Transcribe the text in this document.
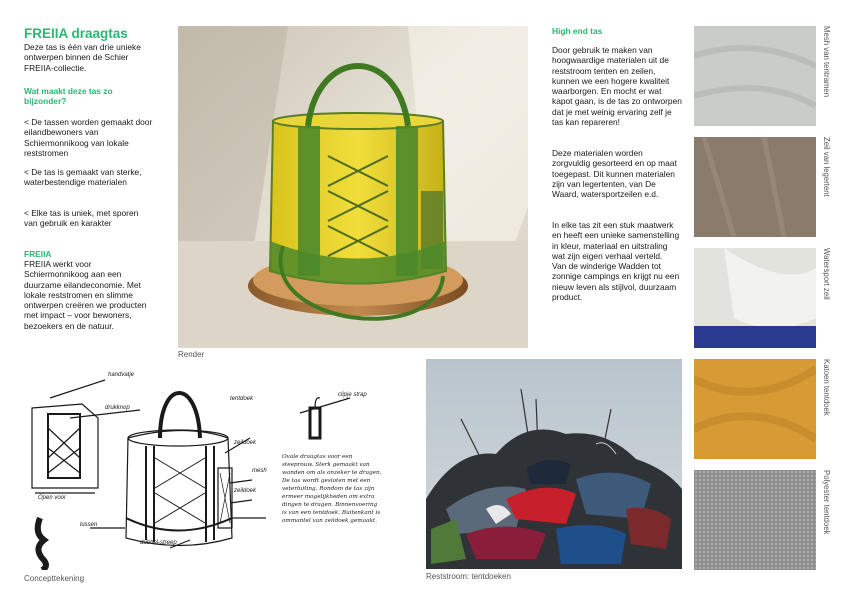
FREIIA draagtas
Deze tas is één van drie unieke ontwerpen binnen de Schier FREIIA-collectie.
Wat maakt deze tas zo bijzonder?
< De tassen worden gemaakt door eilandbewoners van Schiermonnikoog van lokale reststromen
< De tas is gemaakt van sterke, waterbestendige materialen
< Elke tas is uniek, met sporen van gebruik en karakter
FREIIA
FREIIA werkt voor Schiermonnikoog aan een duurzame eilandeconomie. Met lokale reststromen en slimme ontwerpen creëren we producten met impact – voor bewoners, bezoekers en de natuur.
Render
High end tas
Door gebruik te maken van hoogwaardige materialen uit de reststroom tenten en zeilen, kunnen we een hogere kwaliteit waarborgen. En mocht er wat kapot gaan, is de tas zo ontworpen dat je met weinig ervaring zelf je tas kan repareren!
Deze materialen worden zorgvuldig gesorteerd en op maat toegepast. Dit kunnen materialen zijn van legertenten, van De Waard, watersportzeilen e.d.
In elke tas zit een stuk maatwerk en heeft een unieke samenstelling in kleur, materiaal en uitstraling wat zijn eigen verhaal verteld.
Van de winderige Wadden tot zonnige campings en krijgt nu een nieuw leven als stijlvol, duurzaam product.
Mesh van tentramen
Zeil van legertent
Watersport zeil
Katoen tentdoek
Polyester tentdoek
handvatje
drukknop
Open voor
tentdoek
zeildoek
zeildoek
mesh
lussen
dubbel-streep
clipje strap
Ovale draagtas voor een steeprouw. Sterk gemaakt van wanden om als onzeker te dragen. De tas wordt gesloten met een veterluiting. Rondom de tas zijn ermeer mogelijkheden om extra dingen te dragen. Binnenvoering is van een tentdoek. Buitenkant is ommantel van zeildoek gemaakt.
Concepttekening	Reststroom: tentdoeken
